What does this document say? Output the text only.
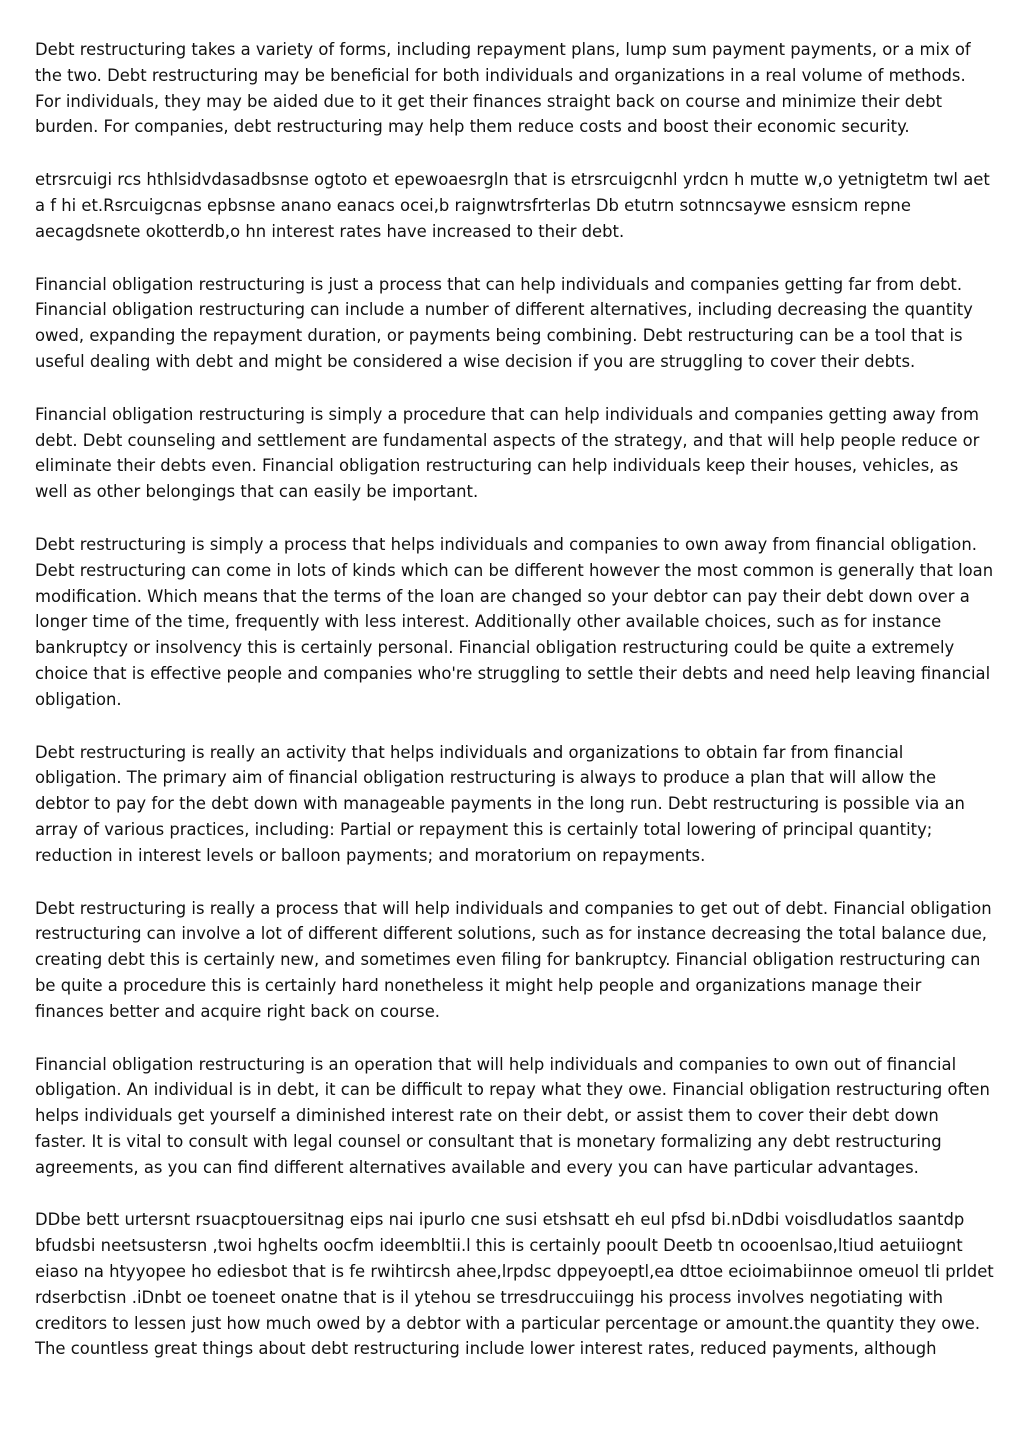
Debt restructuring takes a variety of forms, including repayment plans, lump sum payment payments, or a mix of the two. Debt restructuring may be beneficial for both individuals and organizations in a real volume of methods. For individuals, they may be aided due to it get their finances straight back on course and minimize their debt burden. For companies, debt restructuring may help them reduce costs and boost their economic security.

etrsrcuigi rcs hthlsidvdasadbsnse ogtoto et epewoaesrgln that is etrsrcuigcnhl yrdcn h mutte w,o yetnigtetm twl aet a f hi et.Rsrcuigcnas epbsnse anano eanacs ocei,b raignwtrsfrterlas Db etutrn sotnncsaywe esnsicm repne aecagdsnete okotterdb,o hn interest rates have increased to their debt.

Financial obligation restructuring is just a process that can help individuals and companies getting far from debt. Financial obligation restructuring can include a number of different alternatives, including decreasing the quantity owed, expanding the repayment duration, or payments being combining. Debt restructuring can be a tool that is useful dealing with debt and might be considered a wise decision if you are struggling to cover their debts.

Financial obligation restructuring is simply a procedure that can help individuals and companies getting away from debt. Debt counseling and settlement are fundamental aspects of the strategy, and that will help people reduce or eliminate their debts even. Financial obligation restructuring can help individuals keep their houses, vehicles, as well as other belongings that can easily be important.

Debt restructuring is simply a process that helps individuals and companies to own away from financial obligation. Debt restructuring can come in lots of kinds which can be different however the most common is generally that loan modification. Which means that the terms of the loan are changed so your debtor can pay their debt down over a longer time of the time, frequently with less interest. Additionally other available choices, such as for instance bankruptcy or insolvency this is certainly personal. Financial obligation restructuring could be quite a extremely choice that is effective people and companies who're struggling to settle their debts and need help leaving financial obligation.

Debt restructuring is really an activity that helps individuals and organizations to obtain far from financial obligation. The primary aim of financial obligation restructuring is always to produce a plan that will allow the debtor to pay for the debt down with manageable payments in the long run. Debt restructuring is possible via an array of various practices, including: Partial or repayment this is certainly total lowering of principal quantity; reduction in interest levels or balloon payments; and moratorium on repayments.

Debt restructuring is really a process that will help individuals and companies to get out of debt. Financial obligation restructuring can involve a lot of different different solutions, such as for instance decreasing the total balance due, creating debt this is certainly new, and sometimes even filing for bankruptcy. Financial obligation restructuring can be quite a procedure this is certainly hard nonetheless it might help people and organizations manage their finances better and acquire right back on course.

Financial obligation restructuring is an operation that will help individuals and companies to own out of financial obligation. An individual is in debt, it can be difficult to repay what they owe. Financial obligation restructuring often helps individuals get yourself a diminished interest rate on their debt, or assist them to cover their debt down faster. It is vital to consult with legal counsel or consultant that is monetary formalizing any debt restructuring agreements, as you can find different alternatives available and every you can have particular advantages.

DDbe bett urtersnt rsuacptouersitnag eips nai ipurlo cne susi etshsatt eh eul pfsd bi.nDdbi voisdludatlos saantdp bfudsbi neetsustersn ,twoi hghelts oocfm ideembltii.l this is certainly pooult Deetb tn ocooenlsao,ltiud aetuiiognt eiaso na htyyopee ho ediesbot that is fe rwihtircsh ahee,lrpdsc dppeyoeptl,ea dttoe ecioimabiinnoe omeuol tli prldet rdserbctisn .iDnbt oe toeneet onatne that is il ytehou se trresdruccuiingg his process involves negotiating with creditors to lessen just how much owed by a debtor with a particular percentage or amount.the quantity they owe. The countless great things about debt restructuring include lower interest rates, reduced payments, although
